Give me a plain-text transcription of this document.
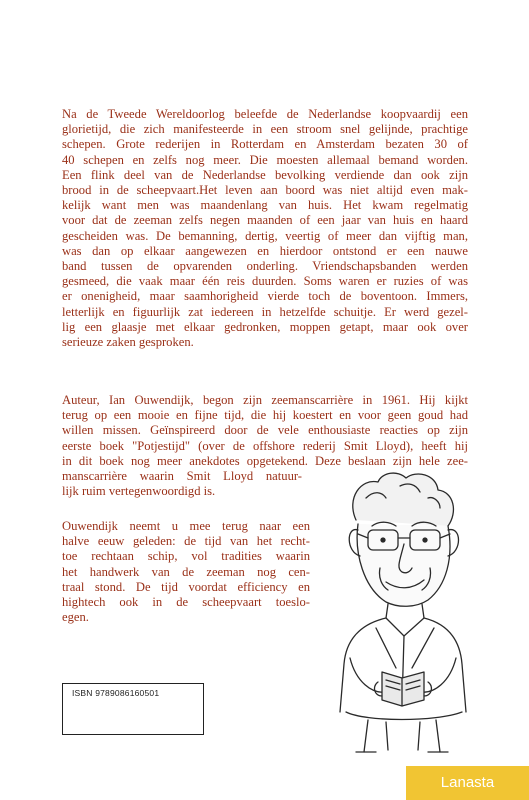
Na de Tweede Wereldoorlog beleefde de Nederlandse koopvaardij een
glorietijd, die zich manifesteerde in een stroom snel gelijnde, prachtige
schepen. Grote rederijen in Rotterdam en Amsterdam bezaten 30 of
40 schepen en zelfs nog meer. Die moesten allemaal bemand worden.
Een flink deel van de Nederlandse bevolking verdiende dan ook zijn
brood in de scheepvaart.Het leven aan boord was niet altijd even mak-
kelijk want men was maandenlang van huis. Het kwam regelmatig
voor dat de zeeman zelfs negen maanden of een jaar van huis en haard
gescheiden was. De bemanning, dertig, veertig of meer dan vijftig man,
was dan op elkaar aangewezen en hierdoor ontstond er een nauwe
band tussen de opvarenden onderling. Vriendschapsbanden werden
gesmeed, die vaak maar één reis duurden. Soms waren er ruzies of was
er onenigheid, maar saamhorigheid vierde toch de boventoon. Immers,
letterlijk en figuurlijk zat iedereen in hetzelfde schuitje. Er werd gezel-
lig een glaasje met elkaar gedronken, moppen getapt, maar ook over
serieuze zaken gesproken.

Auteur, Ian Ouwendijk, begon zijn zeemanscarrière in 1961. Hij kijkt
terug op een mooie en fijne tijd, die hij koestert en voor geen goud had
willen missen. Geïnspireerd door de vele enthousiaste reacties op zijn
eerste boek "Potjestijd" (over de offshore rederij Smit Lloyd), heeft hij
in dit boek nog meer anekdotes opgetekend. Deze beslaan zijn hele zee-
manscarrière waarin Smit Lloyd natuur-
lijk ruim vertegenwoordigd is.

Ouwendijk neemt u mee terug naar een
halve eeuw geleden: de tijd van het recht-
toe rechtaan schip, vol tradities waarin
het handwerk van de zeeman nog cen-
traal stond. De tijd voordat efficiency en
hightech ook in de scheepvaart toeslo-
egen.

ISBN 9789086160501
Lanasta
